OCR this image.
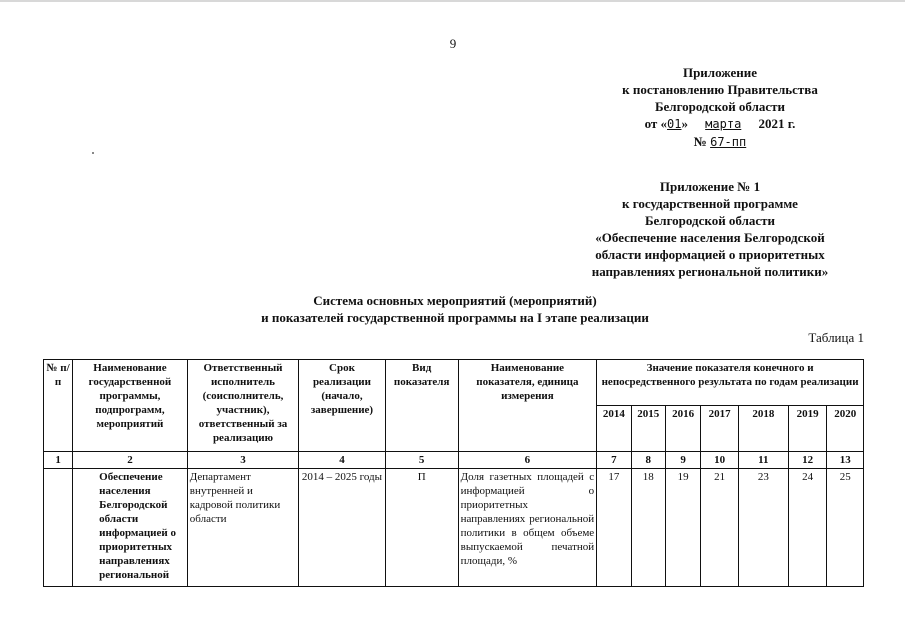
9
Приложение
к постановлению Правительства
Белгородской области
от «01» марта 2021 г.
№ 67-пп
Приложение № 1
к государственной программе
Белгородской области
«Обеспечение населения Белгородской
области информацией о приоритетных
направлениях региональной политики»
Система основных мероприятий (мероприятий)
и показателей государственной программы на I этапе реализации
Таблица 1
№ п/п	Наименование государственной программы, подпрограмм, мероприятий	Ответственный исполнитель (соисполнитель, участник), ответственный за реализацию	Срок реализации (начало, завершение)	Вид показателя	Наименование показателя, единица измерения	Значение показателя конечного и непосредственного результата по годам реализации						
						2014	2015	2016	2017	2018	2019	2020
1	2	3	4	5	6	7	8	9	10	11	12	13
	Обеспечение населения Белгородской области информацией о приоритетных направлениях региональной	Департамент внутренней и кадровой политики области	2014 – 2025 годы	П	Доля газетных площадей с информацией о приоритетных направлениях региональной политики в общем объеме выпускаемой печатной площади, %	17	18	19	21	23	24	25
